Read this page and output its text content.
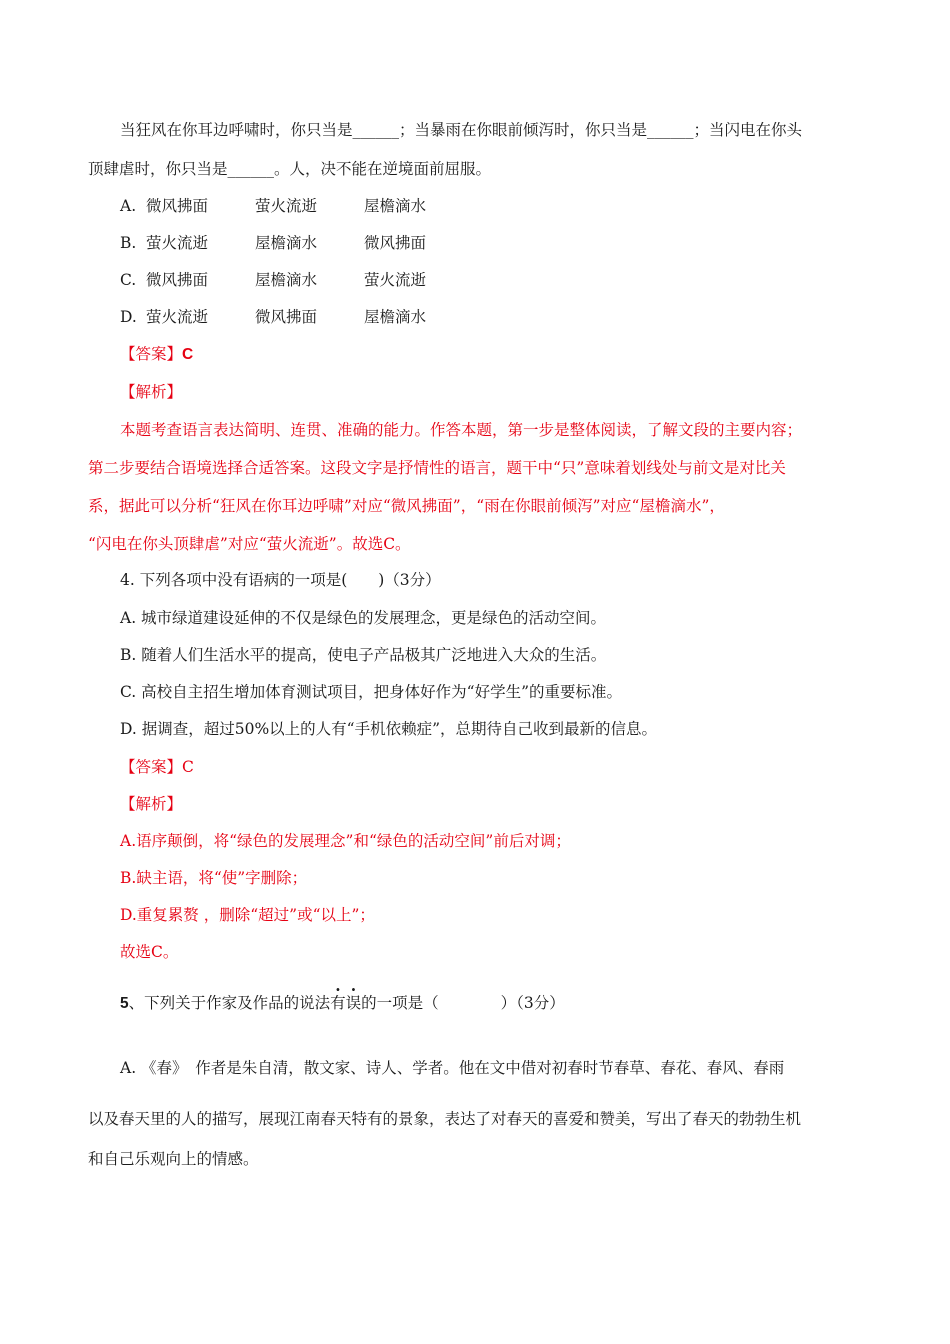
当狂风在你耳边呼啸时，你只当是______；当暴雨在你眼前倾泻时，你只当是______；当闪电在你头
顶肆虐时，你只当是______。人，决不能在逆境面前屈服。
A. 微风拂面	萤火流逝	屋檐滴水
B. 萤火流逝	屋檐滴水	微风拂面
C. 微风拂面	屋檐滴水	萤火流逝
D. 萤火流逝	微风拂面	屋檐滴水
【答案】C
【解析】
本题考查语言表达简明、连贯、准确的能力。作答本题，第一步是整体阅读，了解文段的主要内容；
第二步要结合语境选择合适答案。这段文字是抒情性的语言，题干中“只”意味着划线处与前文是对比关
系，据此可以分析“狂风在你耳边呼啸”对应“微风拂面”，“雨在你眼前倾泻”对应“屋檐滴水”，
“闪电在你头顶肆虐”对应“萤火流逝”。故选C。
4. 下列各项中没有语病的一项是(　　)（3分）
A. 城市绿道建设延伸的不仅是绿色的发展理念，更是绿色的活动空间。
B. 随着人们生活水平的提高，使电子产品极其广泛地进入大众的生活。
C. 高校自主招生增加体育测试项目，把身体好作为“好学生”的重要标准。
D. 据调查，超过50%以上的人有“手机依赖症”，总期待自己收到最新的信息。
【答案】C
【解析】
A.语序颠倒，将“绿色的发展理念”和“绿色的活动空间”前后对调；
B.缺主语，将“使”字删除；
D.重复累赘 ，删除“超过”或“以上”；
故选C。
5、下列关于作家及作品的说法有误的一项是（　　　　）（3分）
A. 《春》　作者是朱自清，散文家、诗人、学者。他在文中借对初春时节春草、春花、春风、春雨
以及春天里的人的描写，展现江南春天特有的景象，表达了对春天的喜爱和赞美，写出了春天的勃勃生机
和自己乐观向上的情感。
